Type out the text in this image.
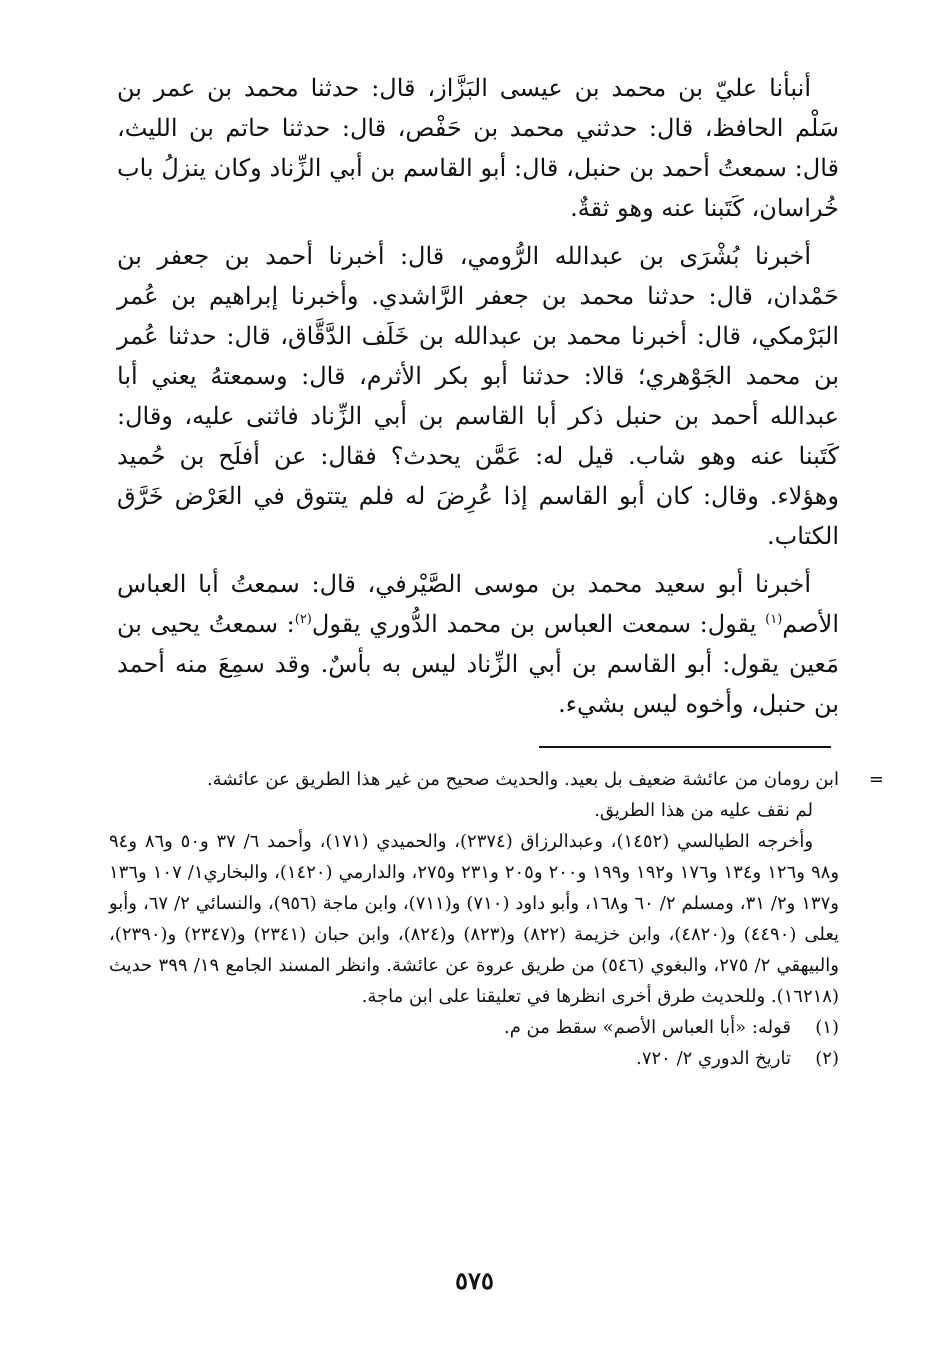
أنبأنا عليّ بن محمد بن عيسى البَزَّاز، قال: حدثنا محمد بن عمر بن سَلْم الحافظ، قال: حدثني محمد بن حَفْص، قال: حدثنا حاتم بن الليث، قال: سمعتُ أحمد بن حنبل، قال: أبو القاسم بن أبي الزِّناد وكان ينزلُ باب خُراسان، كَتَبنا عنه وهو ثقةٌ.

أخبرنا بُشْرَى بن عبدالله الرُّومي، قال: أخبرنا أحمد بن جعفر بن حَمْدان، قال: حدثنا محمد بن جعفر الرَّاشدي. وأخبرنا إبراهيم بن عُمر البَرْمكي، قال: أخبرنا محمد بن عبدالله بن خَلَف الدَّقَّاق، قال: حدثنا عُمر بن محمد الجَوْهري؛ قالا: حدثنا أبو بكر الأثرم، قال: وسمعتهُ يعني أبا عبدالله أحمد بن حنبل ذكر أبا القاسم بن أبي الزِّناد فاثنى عليه، وقال: كَتَبنا عنه وهو شاب. قيل له: عَمَّن يحدث؟ فقال: عن أفلَح بن حُميد وهؤلاء. وقال: كان أبو القاسم إذا عُرِضَ له فلم يتتوق في العَرْض خَرَّق الكتاب.

أخبرنا أبو سعيد محمد بن موسى الصَّيْرفي، قال: سمعتُ أبا العباس الأصم$^{(١)}$ يقول: سمعت العباس بن محمد الدُّوري يقول$^{(٢)}$: سمعتُ يحيى بن مَعين يقول: أبو القاسم بن أبي الزِّناد ليس به بأسٌ. وقد سمِعَ منه أحمد بن حنبل، وأخوه ليس بشيء.

=
ابن رومان من عائشة ضعيف بل بعيد. والحديث صحيح من غير هذا الطريق عن عائشة.

لم نقف عليه من هذا الطريق.

وأخرجه الطيالسي (١٤٥٢)، وعبدالرزاق (٢٣٧٤)، والحميدي (١٧١)، وأحمد ٦/ ٣٧ و٥٠ و٨٦ و٩٤ و٩٨ و١٢٦ و١٣٤ و١٧٦ و١٩٢ و١٩٩ و٢٠٠ و٢٠٥ و٢٣١ و٢٧٥، والدارمي (١٤٢٠)، والبخاري١/ ١٠٧ و١٣٦ و١٣٧ و٢/ ٣١، ومسلم ٢/ ٦٠ و١٦٨، وأبو داود (٧١٠) و(٧١١)، وابن ماجة (٩٥٦)، والنسائي ٢/ ٦٧، وأبو يعلى (٤٤٩٠) و(٤٨٢٠)، وابن خزيمة (٨٢٢) و(٨٢٣) و(٨٢٤)، وابن حبان (٢٣٤١) و(٢٣٤٧) و(٢٣٩٠)، والبيهقي ٢/ ٢٧٥، والبغوي (٥٤٦) من طريق عروة عن عائشة. وانظر المسند الجامع ١٩/ ٣٩٩ حديث (١٦٢١٨). وللحديث طرق أخرى انظرها في تعليقنا على ابن ماجة.

(١)
قوله: «أبا العباس الأصم» سقط من م.
(٢)
تاريخ الدوري ٢/ ٧٢٠.
٥٧٥
